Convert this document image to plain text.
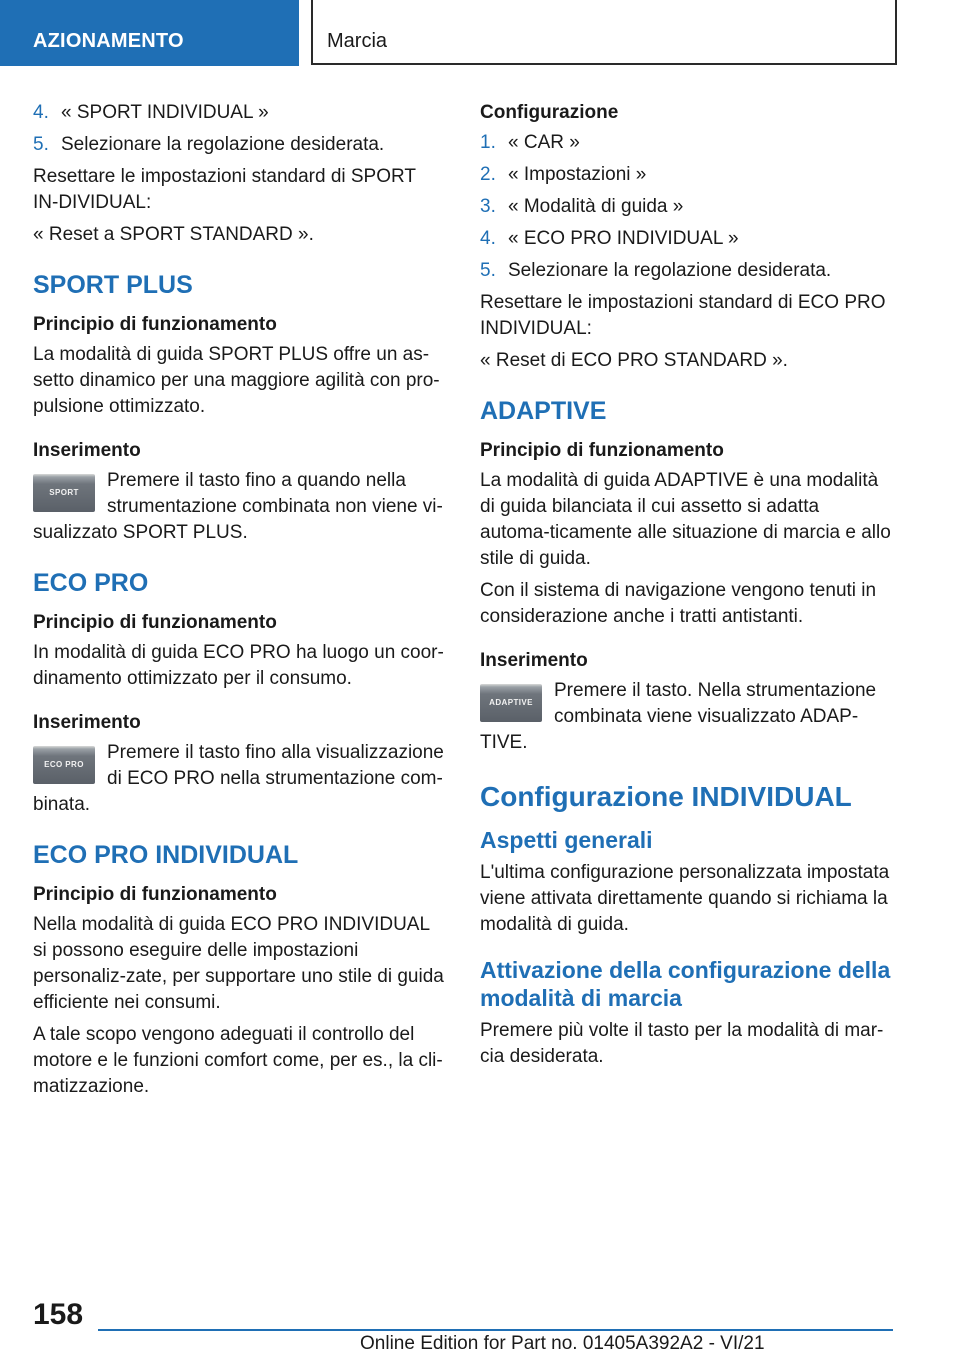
AZIONAMENTO	Marcia
4. « SPORT INDIVIDUAL »
5. Selezionare la regolazione desiderata.

Resettare le impostazioni standard di SPORT IN-DIVIDUAL:

« Reset a SPORT STANDARD ».

SPORT PLUS
Principio di funzionamento

La modalità di guida SPORT PLUS offre un as-setto dinamico per una maggiore agilità con pro-pulsione ottimizzato.

Inserimento
SPORT
Premere il tasto fino a quando nella strumentazione combinata non viene vi-sualizzato SPORT PLUS.
ECO PRO
Principio di funzionamento

In modalità di guida ECO PRO ha luogo un coor-dinamento ottimizzato per il consumo.

Inserimento
ECO PRO
Premere il tasto fino alla visualizzazione di ECO PRO nella strumentazione com-binata.
ECO PRO INDIVIDUAL
Principio di funzionamento

Nella modalità di guida ECO PRO INDIVIDUAL si possono eseguire delle impostazioni personaliz-zate, per supportare uno stile di guida efficiente nei consumi.

A tale scopo vengono adeguati il controllo del motore e le funzioni comfort come, per es., la cli-matizzazione.

Configurazione
1. « CAR »
2. « Impostazioni »
3. « Modalità di guida »
4. « ECO PRO INDIVIDUAL »
5. Selezionare la regolazione desiderata.

Resettare le impostazioni standard di ECO PRO INDIVIDUAL:

« Reset di ECO PRO STANDARD ».

ADAPTIVE
Principio di funzionamento

La modalità di guida ADAPTIVE è una modalità di guida bilanciata il cui assetto si adatta automa-ticamente alle situazione di marcia e allo stile di guida.

Con il sistema di navigazione vengono tenuti in considerazione anche i tratti antistanti.

Inserimento
ADAPTIVE
Premere il tasto. Nella strumentazione combinata viene visualizzato ADAP-TIVE.
Configurazione INDIVIDUAL
Aspetti generali

L'ultima configurazione personalizzata impostata viene attivata direttamente quando si richiama la modalità di guida.

Attivazione della configurazione della modalità di marcia

Premere più volte il tasto per la modalità di mar-cia desiderata.

158
Online Edition for Part no. 01405A392A2 - VI/21
